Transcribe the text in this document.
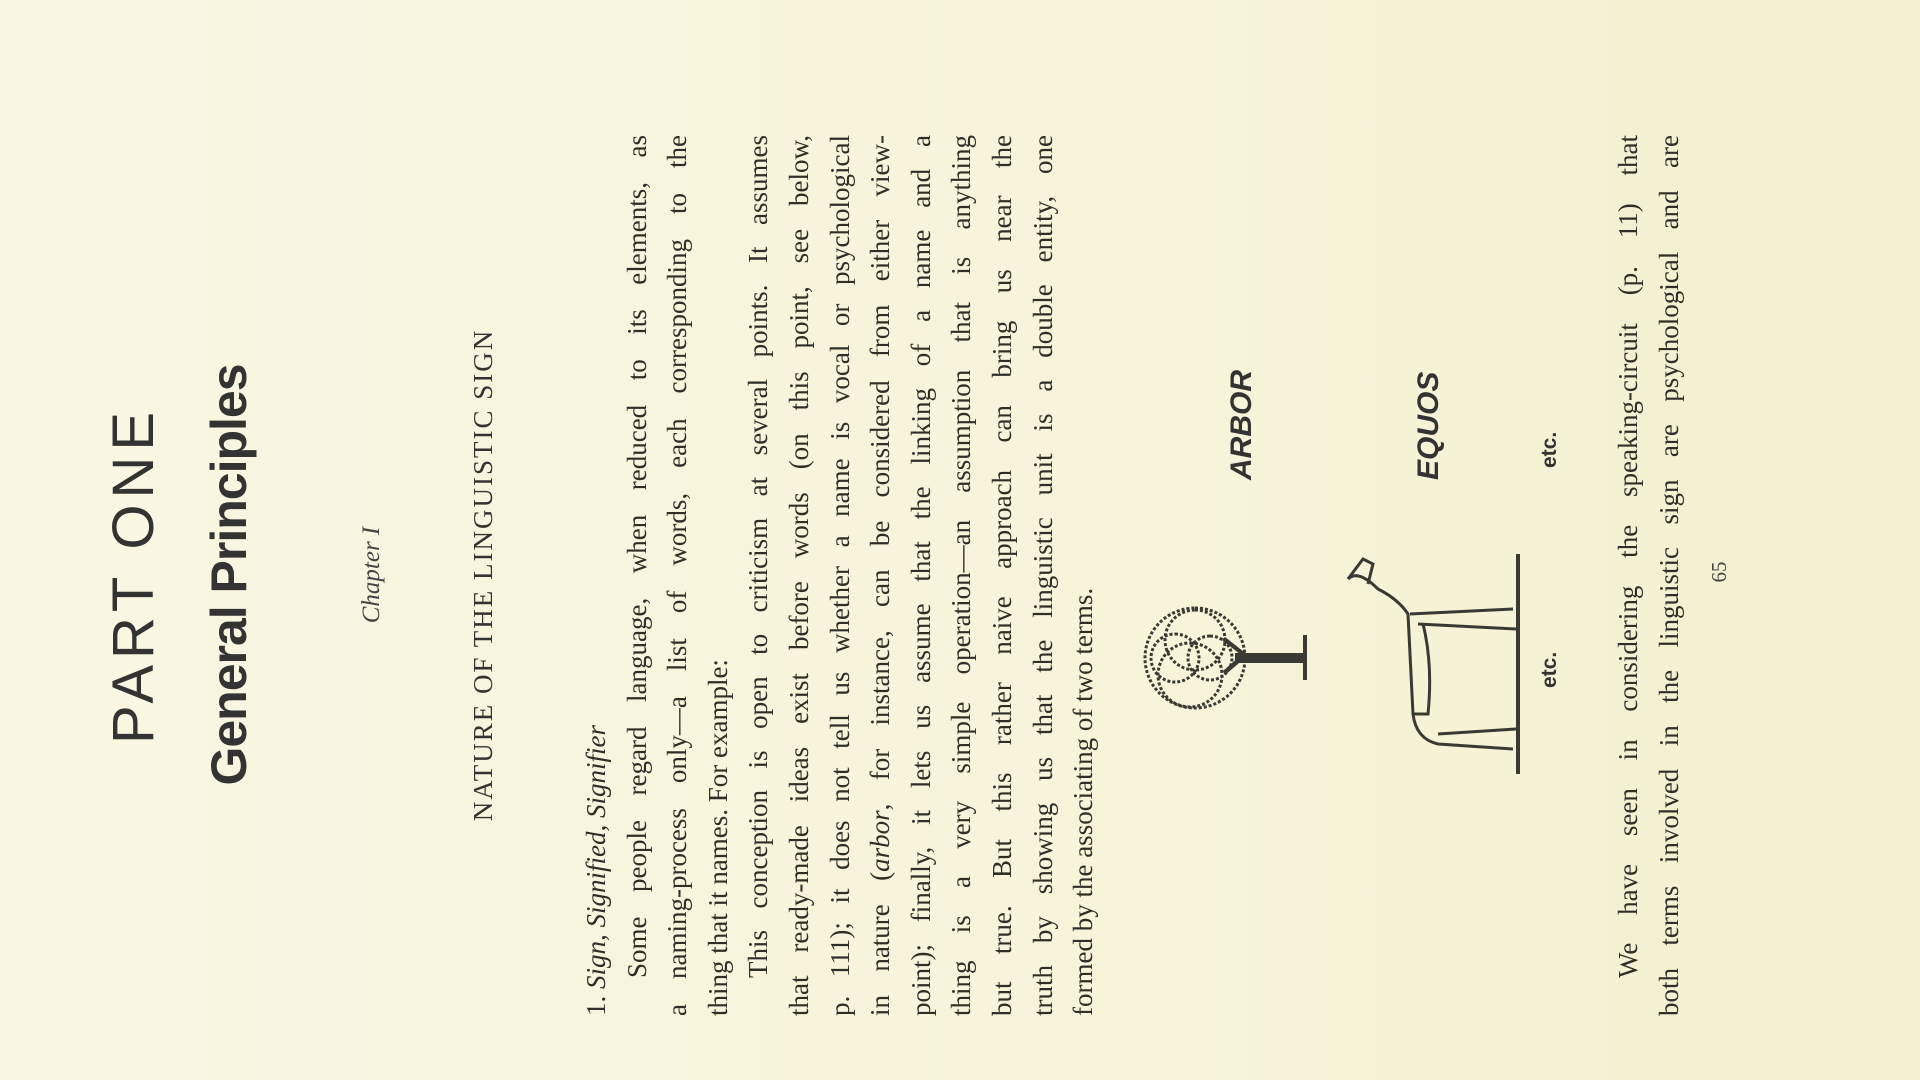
PART ONE General Principles	Chapter I	NATURE OF THE LINGUISTIC SIGN
1. Sign, Signified, Signifier Some people regard language, when reduced to its elements, as a naming-process only—a list of words, each corresponding to the thing that it names. For example: This conception is open to criticism at several points. It assumes that ready-made ideas exist before words (on this point, see below, p. 111); it does not tell us whether a name is vocal or psychological in nature (arbor, for instance, can be considered from either view- point); finally, it lets us assume that the linking of a name and a thing is a very simple operation—an assumption that is anything but true. But this rather naive approach can bring us near the truth by showing us that the linguistic unit is a double entity, one formed by the associating of two terms.
ARBOR	EQUOS
etc.
etc. We have seen in considering the speaking-circuit (p. 11) that both terms involved in the linguistic sign are psychological and are 65
